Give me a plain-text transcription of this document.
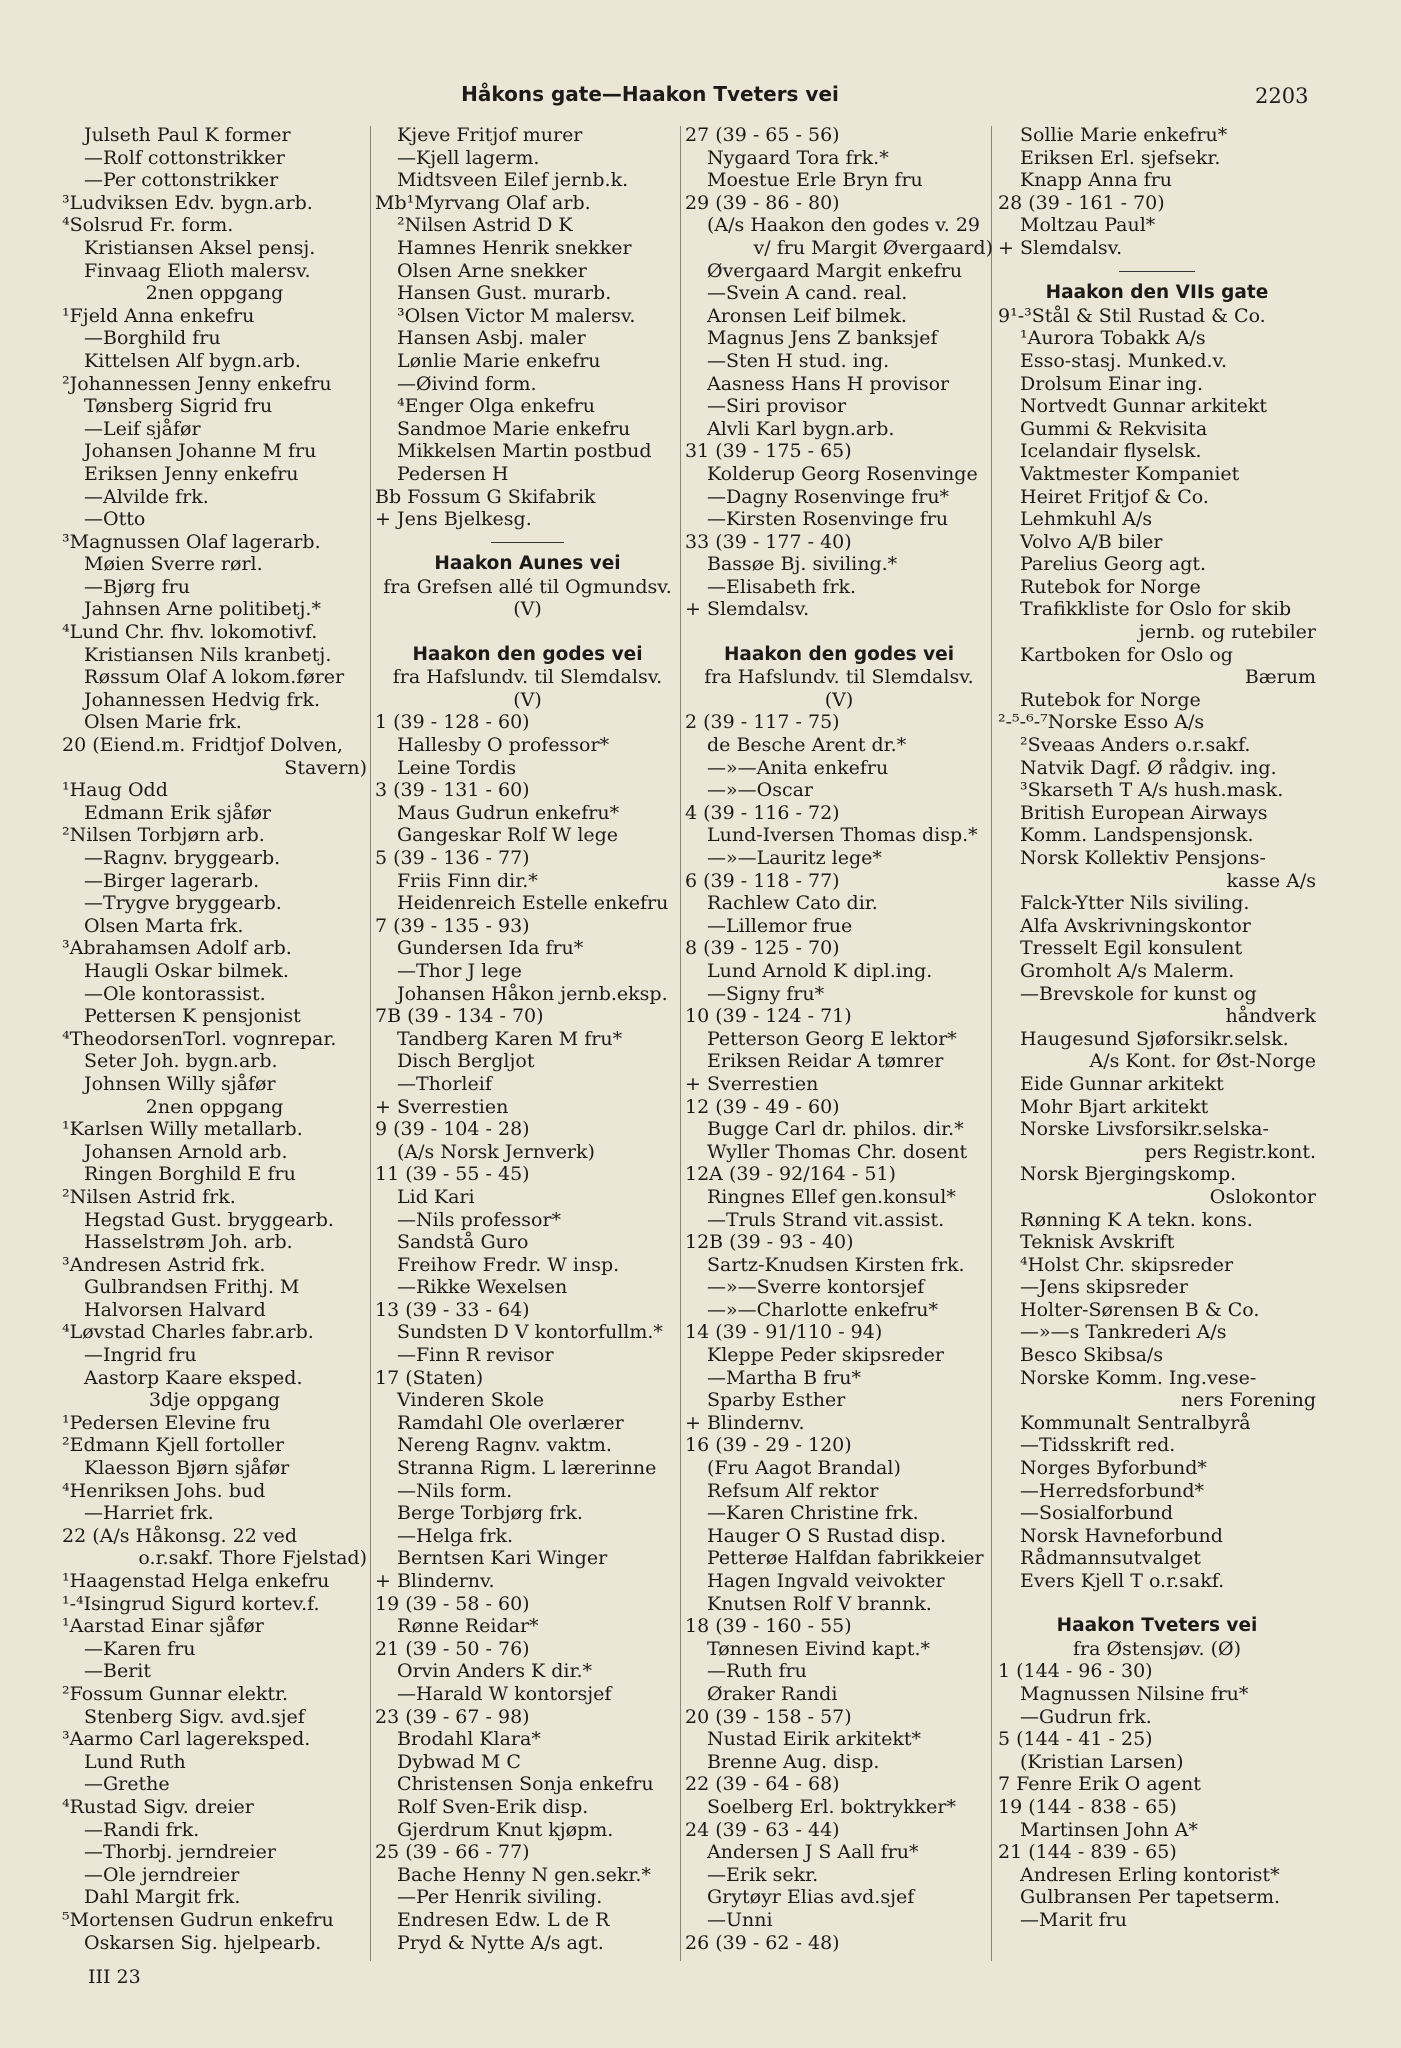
Håkons gate—Haakon Tveters vei	2203
Julseth Paul K former
—Rolf cottonstrikker
—Per cottonstrikker
³Ludviksen Edv. bygn.arb.
⁴Solsrud Fr. form.
Kristiansen Aksel pensj.
Finvaag Elioth malersv.
2nen oppgang
¹Fjeld Anna enkefru
—Borghild fru
Kittelsen Alf bygn.arb.
²Johannessen Jenny enkefru
Tønsberg Sigrid fru
—Leif sjåfør
Johansen Johanne M fru
Eriksen Jenny enkefru
—Alvilde frk.
—Otto
³Magnussen Olaf lagerarb.
Møien Sverre rørl.
—Bjørg fru
Jahnsen Arne politibetj.*
⁴Lund Chr. fhv. lokomotivf.
Kristiansen Nils kranbetj.
Røssum Olaf A lokom.fører
Johannessen Hedvig frk.
Olsen Marie frk.
20 (Eiend.m. Fridtjof Dolven,
Stavern)
¹Haug Odd
Edmann Erik sjåfør
²Nilsen Torbjørn arb.
—Ragnv. bryggearb.
—Birger lagerarb.
—Trygve bryggearb.
Olsen Marta frk.
³Abrahamsen Adolf arb.
Haugli Oskar bilmek.
—Ole kontorassist.
Pettersen K pensjonist
⁴TheodorsenTorl. vognrepar.
Seter Joh. bygn.arb.
Johnsen Willy sjåfør
2nen oppgang
¹Karlsen Willy metallarb.
Johansen Arnold arb.
Ringen Borghild E fru
²Nilsen Astrid frk.
Hegstad Gust. bryggearb.
Hasselstrøm Joh. arb.
³Andresen Astrid frk.
Gulbrandsen Frithj. M
Halvorsen Halvard
⁴Løvstad Charles fabr.arb.
—Ingrid fru
Aastorp Kaare eksped.
3dje oppgang
¹Pedersen Elevine fru
²Edmann Kjell fortoller
Klaesson Bjørn sjåfør
⁴Henriksen Johs. bud
—Harriet frk.
22 (A/s Håkonsg. 22 ved
o.r.sakf. Thore Fjelstad)
¹Haagenstad Helga enkefru
¹-⁴Isingrud Sigurd kortev.f.
¹Aarstad Einar sjåfør
—Karen fru
—Berit
²Fossum Gunnar elektr.
Stenberg Sigv. avd.sjef
³Aarmo Carl lagereksped.
Lund Ruth
—Grethe
⁴Rustad Sigv. dreier
—Randi frk.
—Thorbj. jerndreier
—Ole jerndreier
Dahl Margit frk.
⁵Mortensen Gudrun enkefru
Oskarsen Sig. hjelpearb.
Kjeve Fritjof murer
—Kjell lagerm.
Midtsveen Eilef jernb.k.
Mb¹Myrvang Olaf arb.
²Nilsen Astrid D K
Hamnes Henrik snekker
Olsen Arne snekker
Hansen Gust. murarb.
³Olsen Victor M malersv.
Hansen Asbj. maler
Lønlie Marie enkefru
—Øivind form.
⁴Enger Olga enkefru
Sandmoe Marie enkefru
Mikkelsen Martin postbud
Pedersen H
Bb Fossum G Skifabrik
+ Jens Bjelkesg.
Haakon Aunes vei
fra Grefsen allé til Ogmundsv.
(V)
Haakon den godes vei
fra Hafslundv. til Slemdalsv.
(V)
1 (39 - 128 - 60)
Hallesby O professor*
Leine Tordis
3 (39 - 131 - 60)
Maus Gudrun enkefru*
Gangeskar Rolf W lege
5 (39 - 136 - 77)
Friis Finn dir.*
Heidenreich Estelle enkefru
7 (39 - 135 - 93)
Gundersen Ida fru*
—Thor J lege
Johansen Håkon jernb.eksp.
7B (39 - 134 - 70)
Tandberg Karen M fru*
Disch Bergljot
—Thorleif
+ Sverrestien
9 (39 - 104 - 28)
(A/s Norsk Jernverk)
11 (39 - 55 - 45)
Lid Kari
—Nils professor*
Sandstå Guro
Freihow Fredr. W insp.
—Rikke Wexelsen
13 (39 - 33 - 64)
Sundsten D V kontorfullm.*
—Finn R revisor
17 (Staten)
Vinderen Skole
Ramdahl Ole overlærer
Nereng Ragnv. vaktm.
Stranna Rigm. L lærerinne
—Nils form.
Berge Torbjørg frk.
—Helga frk.
Berntsen Kari Winger
+ Blindernv.
19 (39 - 58 - 60)
Rønne Reidar*
21 (39 - 50 - 76)
Orvin Anders K dir.*
—Harald W kontorsjef
23 (39 - 67 - 98)
Brodahl Klara*
Dybwad M C
Christensen Sonja enkefru
Rolf Sven-Erik disp.
Gjerdrum Knut kjøpm.
25 (39 - 66 - 77)
Bache Henny N gen.sekr.*
—Per Henrik siviling.
Endresen Edw. L de R
Pryd & Nytte A/s agt.
27 (39 - 65 - 56)
Nygaard Tora frk.*
Moestue Erle Bryn fru
29 (39 - 86 - 80)
(A/s Haakon den godes v. 29
v/ fru Margit Øvergaard)
Øvergaard Margit enkefru
—Svein A cand. real.
Aronsen Leif bilmek.
Magnus Jens Z banksjef
—Sten H stud. ing.
Aasness Hans H provisor
—Siri provisor
Alvli Karl bygn.arb.
31 (39 - 175 - 65)
Kolderup Georg Rosenvinge
—Dagny Rosenvinge fru*
—Kirsten Rosenvinge fru
33 (39 - 177 - 40)
Bassøe Bj. siviling.*
—Elisabeth frk.
+ Slemdalsv.
Haakon den godes vei
fra Hafslundv. til Slemdalsv.
(V)
2 (39 - 117 - 75)
de Besche Arent dr.*
—»—Anita enkefru
—»—Oscar
4 (39 - 116 - 72)
Lund-Iversen Thomas disp.*
—»—Lauritz lege*
6 (39 - 118 - 77)
Rachlew Cato dir.
—Lillemor frue
8 (39 - 125 - 70)
Lund Arnold K dipl.ing.
—Signy fru*
10 (39 - 124 - 71)
Petterson Georg E lektor*
Eriksen Reidar A tømrer
+ Sverrestien
12 (39 - 49 - 60)
Bugge Carl dr. philos. dir.*
Wyller Thomas Chr. dosent
12A (39 - 92/164 - 51)
Ringnes Ellef gen.konsul*
—Truls Strand vit.assist.
12B (39 - 93 - 40)
Sartz-Knudsen Kirsten frk.
—»—Sverre kontorsjef
—»—Charlotte enkefru*
14 (39 - 91/110 - 94)
Kleppe Peder skipsreder
—Martha B fru*
Sparby Esther
+ Blindernv.
16 (39 - 29 - 120)
(Fru Aagot Brandal)
Refsum Alf rektor
—Karen Christine frk.
Hauger O S Rustad disp.
Petterøe Halfdan fabrikkeier
Hagen Ingvald veivokter
Knutsen Rolf V brannk.
18 (39 - 160 - 55)
Tønnesen Eivind kapt.*
—Ruth fru
Øraker Randi
20 (39 - 158 - 57)
Nustad Eirik arkitekt*
Brenne Aug. disp.
22 (39 - 64 - 68)
Soelberg Erl. boktrykker*
24 (39 - 63 - 44)
Andersen J S Aall fru*
—Erik sekr.
Grytøyr Elias avd.sjef
—Unni
26 (39 - 62 - 48)
Sollie Marie enkefru*
Eriksen Erl. sjefsekr.
Knapp Anna fru
28 (39 - 161 - 70)
Moltzau Paul*
+ Slemdalsv.
Haakon den VIIs gate
9¹-³Stål & Stil Rustad & Co.
¹Aurora Tobakk A/s
Esso-stasj. Munked.v.
Drolsum Einar ing.
Nortvedt Gunnar arkitekt
Gummi & Rekvisita
Icelandair flyselsk.
Vaktmester Kompaniet
Heiret Fritjof & Co.
Lehmkuhl A/s
Volvo A/B biler
Parelius Georg agt.
Rutebok for Norge
Trafikkliste for Oslo for skib
jernb. og rutebiler
Kartboken for Oslo og
Bærum
Rutebok for Norge
²-⁵-⁶-⁷Norske Esso A/s
²Sveaas Anders o.r.sakf.
Natvik Dagf. Ø rådgiv. ing.
³Skarseth T A/s hush.mask.
British European Airways
Komm. Landspensjonsk.
Norsk Kollektiv Pensjons-
kasse A/s
Falck-Ytter Nils siviling.
Alfa Avskrivningskontor
Tresselt Egil konsulent
Gromholt A/s Malerm.
—Brevskole for kunst og
håndverk
Haugesund Sjøforsikr.selsk.
A/s Kont. for Øst-Norge
Eide Gunnar arkitekt
Mohr Bjart arkitekt
Norske Livsforsikr.selska-
pers Registr.kont.
Norsk Bjergingskomp.
Oslokontor
Rønning K A tekn. kons.
Teknisk Avskrift
⁴Holst Chr. skipsreder
—Jens skipsreder
Holter-Sørensen B & Co.
—»—s Tankrederi A/s
Besco Skibsa/s
Norske Komm. Ing.vese-
ners Forening
Kommunalt Sentralbyrå
—Tidsskrift red.
Norges Byforbund*
—Herredsforbund*
—Sosialforbund
Norsk Havneforbund
Rådmannsutvalget
Evers Kjell T o.r.sakf.
Haakon Tveters vei
fra Østensjøv. (Ø)
1 (144 - 96 - 30)
Magnussen Nilsine fru*
—Gudrun frk.
5 (144 - 41 - 25)
(Kristian Larsen)
7 Fenre Erik O agent
19 (144 - 838 - 65)
Martinsen John A*
21 (144 - 839 - 65)
Andresen Erling kontorist*
Gulbransen Per tapetserm.
—Marit fru
III 23
